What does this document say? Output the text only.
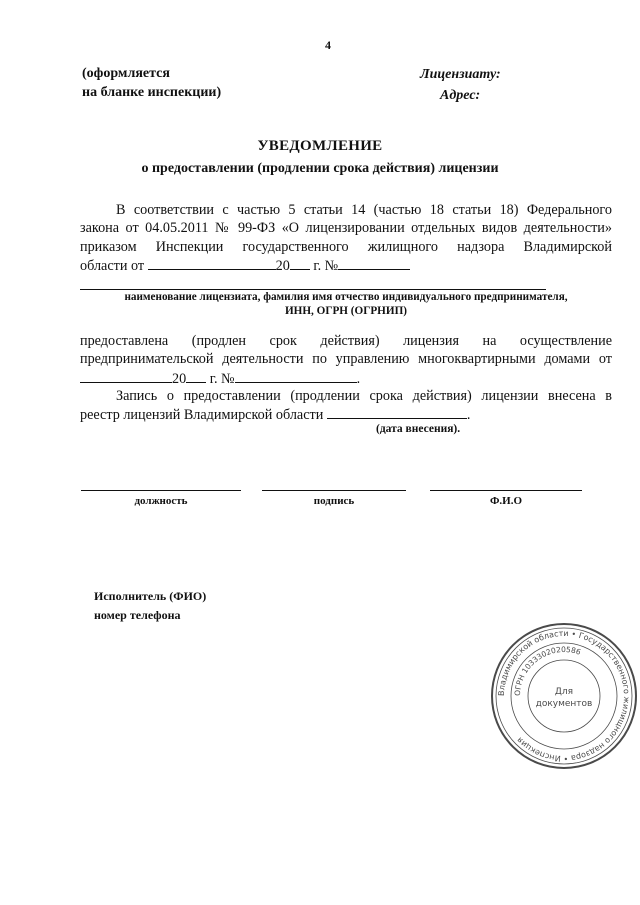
4
(оформляется
на бланке инспекции)
Лицензиату:
Адрес:
УВЕДОМЛЕНИЕ
о предоставлении (продлении срока действия) лицензии
В соответствии с частью 5 статьи 14 (частью 18 статьи 18) Федерального
закона от 04.05.2011 № 99-ФЗ «О лицензировании отдельных видов деятельности»
приказом Инспекции государственного жилищного надзора Владимирской
области от	20 г. №
наименование лицензиата, фамилия имя отчество индивидуального предпринимателя,
ИНН, ОГРН (ОГРНИП)
предоставлена (продлен срок действия) лицензия на осуществление
предпринимательской деятельности по управлению многоквартирными домами от
20 г. №	.
Запись о предоставлении (продлении срока действия) лицензии внесена в
реестр лицензий Владимирской области	.
(дата внесения).
должность	подпись	Ф.И.О
Исполнитель (ФИО)
номер телефона
Владимирской области • Государственного жилищного надзора • Инспекция
ОГРН 1033302020586
Для
документов
